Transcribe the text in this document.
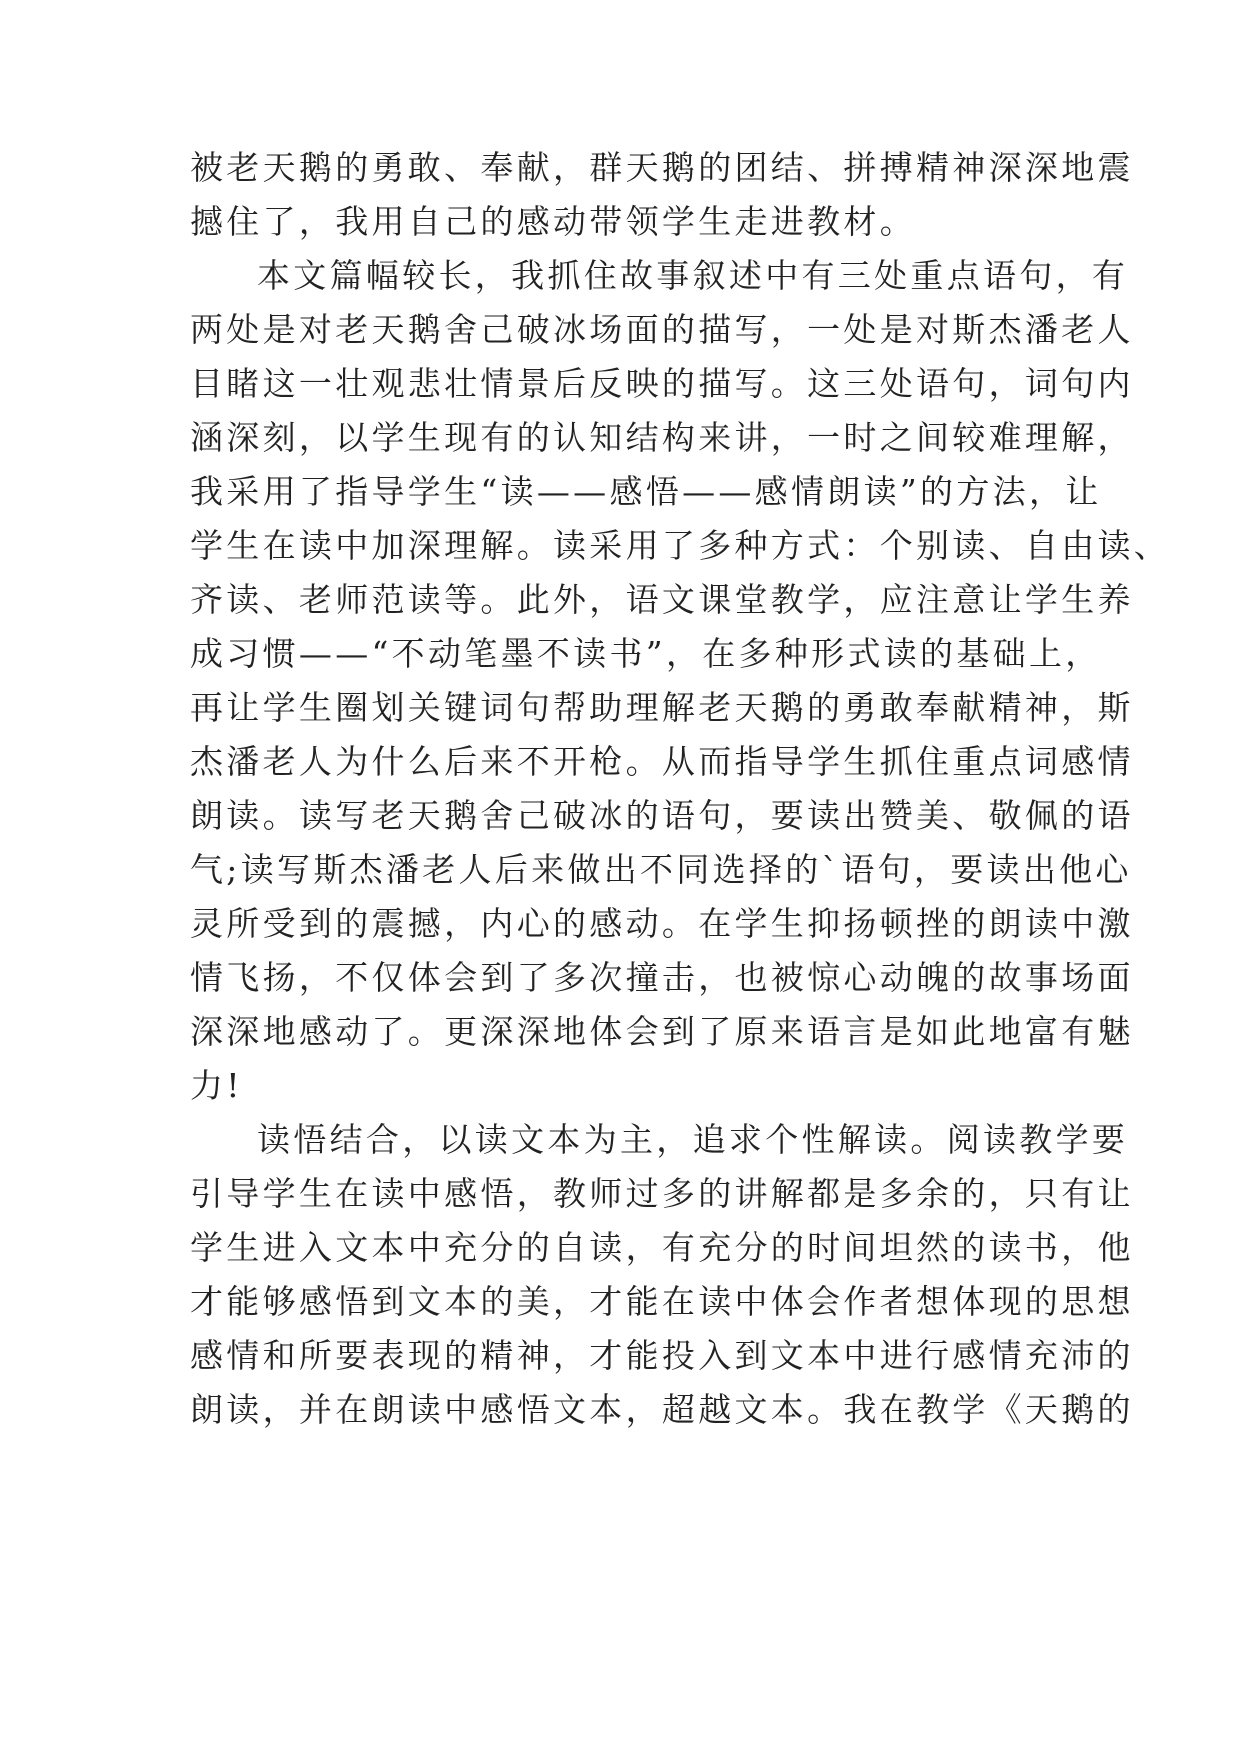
被老天鹅的勇敢、奉献，群天鹅的团结、拼搏精神深深地震
撼住了，我用自己的感动带领学生走进教材。
本文篇幅较长，我抓住故事叙述中有三处重点语句，有
两处是对老天鹅舍己破冰场面的描写，一处是对斯杰潘老人
目睹这一壮观悲壮情景后反映的描写。这三处语句，词句内
涵深刻，以学生现有的认知结构来讲，一时之间较难理解，
我采用了指导学生“读——感悟——感情朗读”的方法，让
学生在读中加深理解。读采用了多种方式：个别读、自由读、
齐读、老师范读等。此外，语文课堂教学，应注意让学生养
成习惯——“不动笔墨不读书”，在多种形式读的基础上，
再让学生圈划关键词句帮助理解老天鹅的勇敢奉献精神，斯
杰潘老人为什么后来不开枪。从而指导学生抓住重点词感情
朗读。读写老天鹅舍己破冰的语句，要读出赞美、敬佩的语
气;读写斯杰潘老人后来做出不同选择的`语句，要读出他心
灵所受到的震撼，内心的感动。在学生抑扬顿挫的朗读中激
情飞扬，不仅体会到了多次撞击，也被惊心动魄的故事场面
深深地感动了。更深深地体会到了原来语言是如此地富有魅
力!
读悟结合，以读文本为主，追求个性解读。阅读教学要
引导学生在读中感悟，教师过多的讲解都是多余的，只有让
学生进入文本中充分的自读，有充分的时间坦然的读书，他
才能够感悟到文本的美，才能在读中体会作者想体现的思想
感情和所要表现的精神，才能投入到文本中进行感情充沛的
朗读，并在朗读中感悟文本，超越文本。我在教学《天鹅的
